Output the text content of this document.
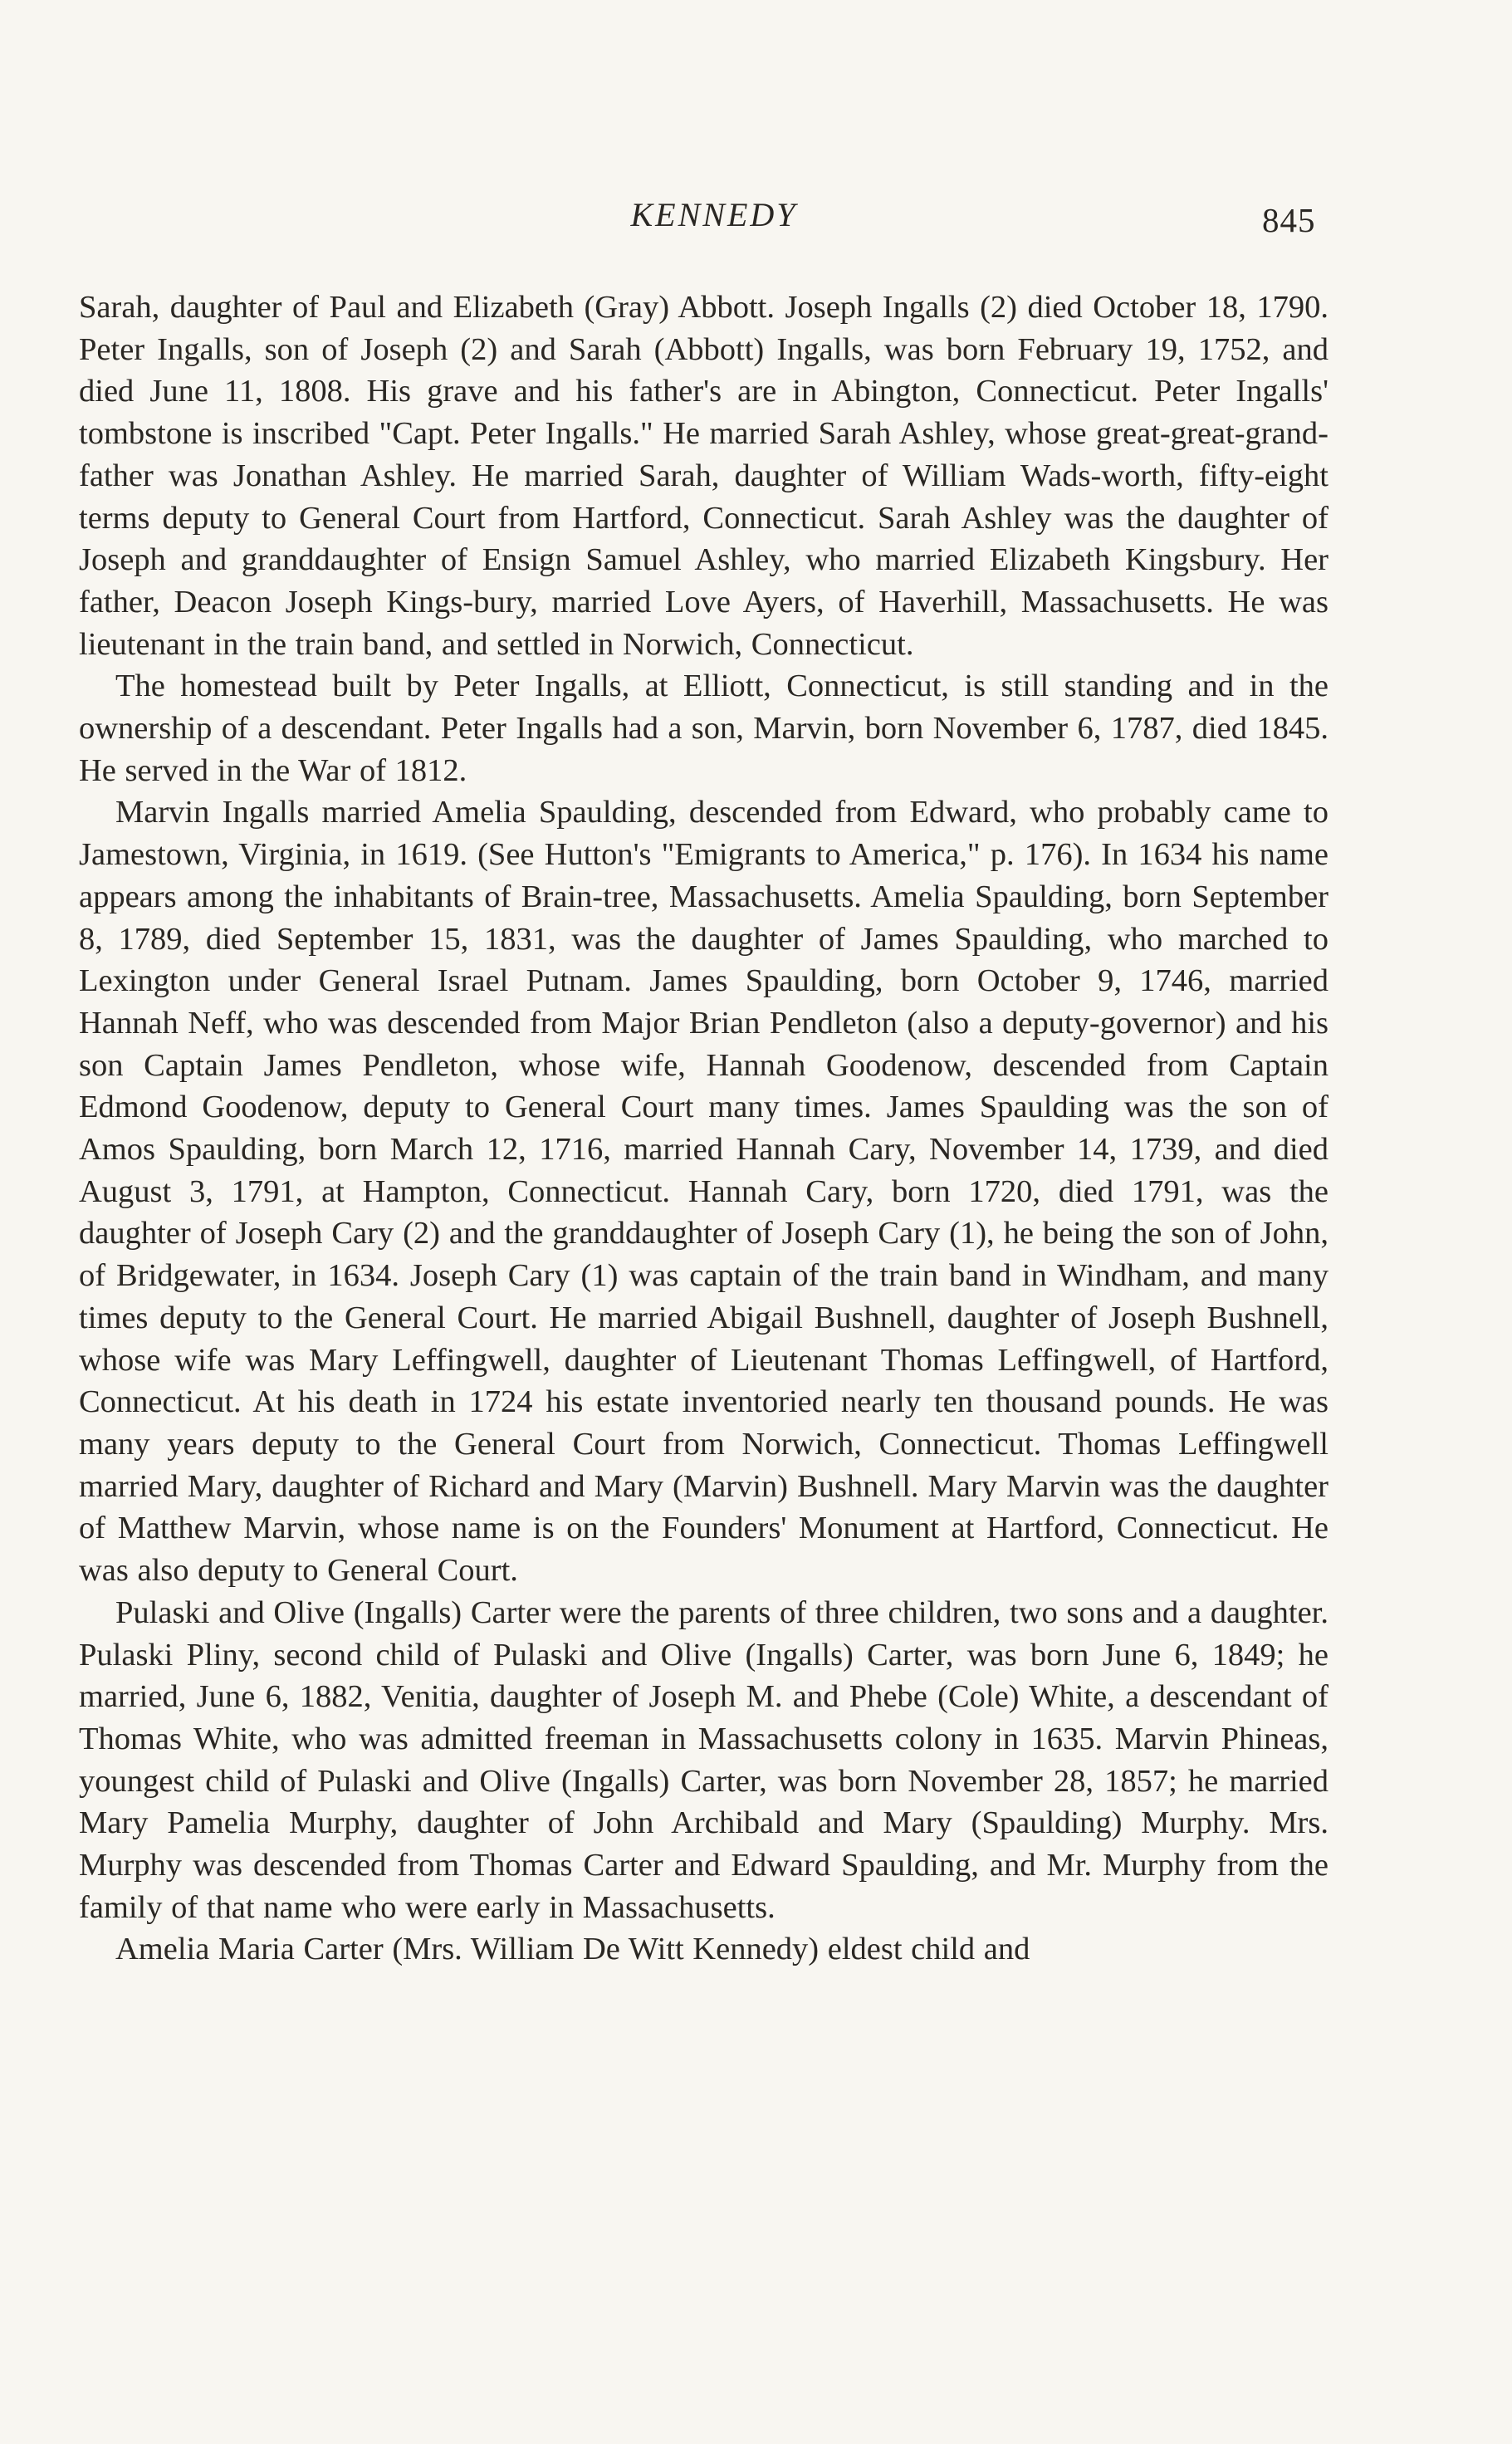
KENNEDY	845

Sarah, daughter of Paul and Elizabeth (Gray) Abbott. Joseph Ingalls (2) died October 18, 1790. Peter Ingalls, son of Joseph (2) and Sarah (Abbott) Ingalls, was born February 19, 1752, and died June 11, 1808. His grave and his father's are in Abington, Connecticut. Peter Ingalls' tombstone is inscribed "Capt. Peter Ingalls." He married Sarah Ashley, whose great-great-grand-father was Jonathan Ashley. He married Sarah, daughter of William Wads-worth, fifty-eight terms deputy to General Court from Hartford, Connecticut. Sarah Ashley was the daughter of Joseph and granddaughter of Ensign Samuel Ashley, who married Elizabeth Kingsbury. Her father, Deacon Joseph Kings-bury, married Love Ayers, of Haverhill, Massachusetts. He was lieutenant in the train band, and settled in Norwich, Connecticut.

The homestead built by Peter Ingalls, at Elliott, Connecticut, is still standing and in the ownership of a descendant. Peter Ingalls had a son, Marvin, born November 6, 1787, died 1845. He served in the War of 1812.

Marvin Ingalls married Amelia Spaulding, descended from Edward, who probably came to Jamestown, Virginia, in 1619. (See Hutton's "Emigrants to America," p. 176). In 1634 his name appears among the inhabitants of Brain-tree, Massachusetts. Amelia Spaulding, born September 8, 1789, died September 15, 1831, was the daughter of James Spaulding, who marched to Lexington under General Israel Putnam. James Spaulding, born October 9, 1746, married Hannah Neff, who was descended from Major Brian Pendleton (also a deputy-governor) and his son Captain James Pendleton, whose wife, Hannah Goodenow, descended from Captain Edmond Goodenow, deputy to General Court many times. James Spaulding was the son of Amos Spaulding, born March 12, 1716, married Hannah Cary, November 14, 1739, and died August 3, 1791, at Hampton, Connecticut. Hannah Cary, born 1720, died 1791, was the daughter of Joseph Cary (2) and the granddaughter of Joseph Cary (1), he being the son of John, of Bridgewater, in 1634. Joseph Cary (1) was captain of the train band in Windham, and many times deputy to the General Court. He married Abigail Bushnell, daughter of Joseph Bushnell, whose wife was Mary Leffingwell, daughter of Lieutenant Thomas Leffingwell, of Hartford, Connecticut. At his death in 1724 his estate inventoried nearly ten thousand pounds. He was many years deputy to the General Court from Norwich, Connecticut. Thomas Leffingwell married Mary, daughter of Richard and Mary (Marvin) Bushnell. Mary Marvin was the daughter of Matthew Marvin, whose name is on the Founders' Monument at Hartford, Connecticut. He was also deputy to General Court.

Pulaski and Olive (Ingalls) Carter were the parents of three children, two sons and a daughter. Pulaski Pliny, second child of Pulaski and Olive (Ingalls) Carter, was born June 6, 1849; he married, June 6, 1882, Venitia, daughter of Joseph M. and Phebe (Cole) White, a descendant of Thomas White, who was admitted freeman in Massachusetts colony in 1635. Marvin Phineas, youngest child of Pulaski and Olive (Ingalls) Carter, was born November 28, 1857; he married Mary Pamelia Murphy, daughter of John Archibald and Mary (Spaulding) Murphy. Mrs. Murphy was descended from Thomas Carter and Edward Spaulding, and Mr. Murphy from the family of that name who were early in Massachusetts.

Amelia Maria Carter (Mrs. William De Witt Kennedy) eldest child and
